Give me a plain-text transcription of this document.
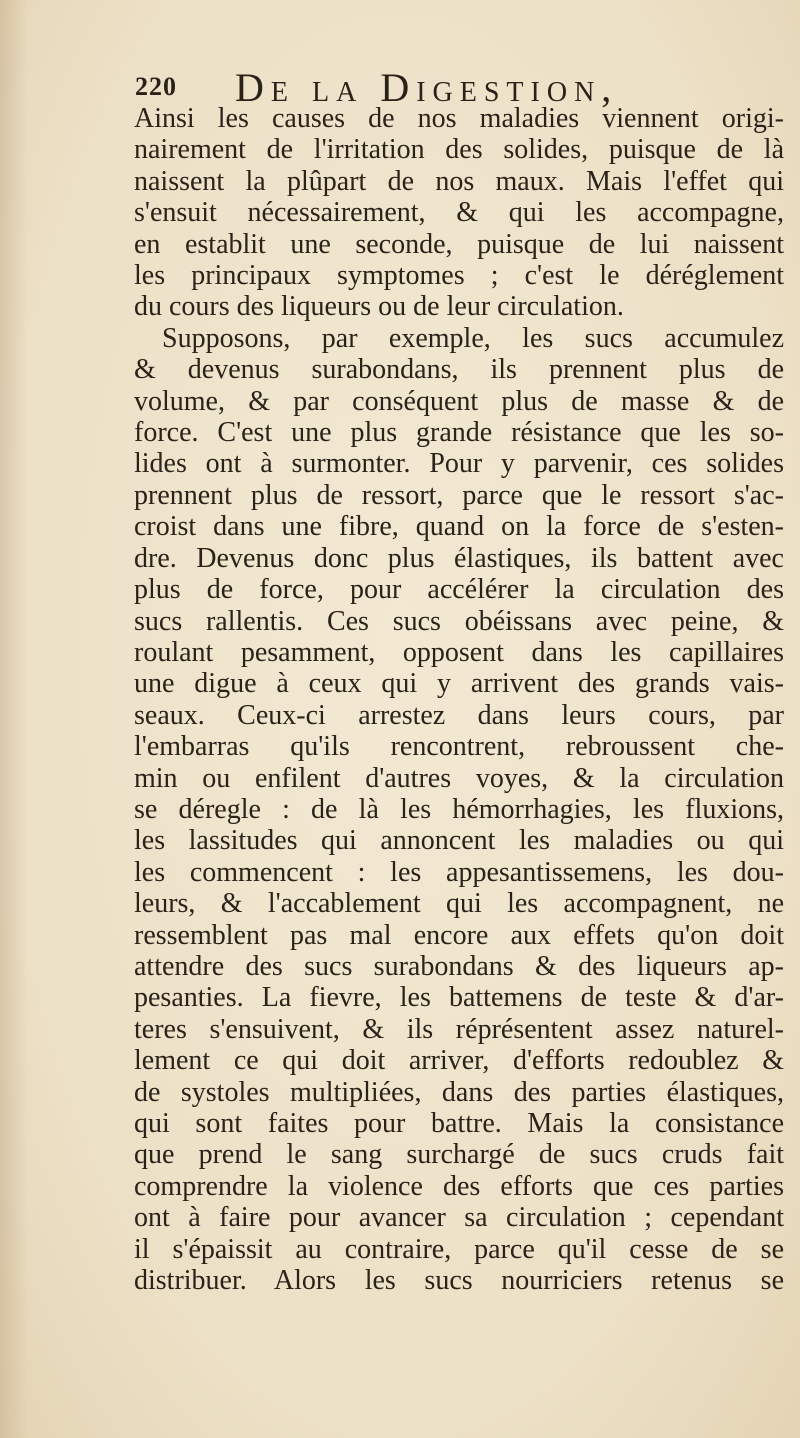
220 De la Digestion,

Ainsi les causes de nos maladies viennent origi-
nairement de l'irritation des solides, puisque de là
naissent la plûpart de nos maux. Mais l'effet qui
s'ensuit nécessairement, & qui les accompagne,
en establit une seconde, puisque de lui naissent
les principaux symptomes ; c'est le déréglement
du cours des liqueurs ou de leur circulation.

Supposons, par exemple, les sucs accumulez
& devenus surabondans, ils prennent plus de
volume, & par conséquent plus de masse & de
force. C'est une plus grande résistance que les so-
lides ont à surmonter. Pour y parvenir, ces solides
prennent plus de ressort, parce que le ressort s'ac-
croist dans une fibre, quand on la force de s'esten-
dre. Devenus donc plus élastiques, ils battent avec
plus de force, pour accélérer la circulation des
sucs rallentis. Ces sucs obéissans avec peine, &
roulant pesamment, opposent dans les capillaires
une digue à ceux qui y arrivent des grands vais-
seaux. Ceux-ci arrestez dans leurs cours, par
l'embarras qu'ils rencontrent, rebroussent che-
min ou enfilent d'autres voyes, & la circulation
se déregle : de là les hémorrhagies, les fluxions,
les lassitudes qui annoncent les maladies ou qui
les commencent : les appesantissemens, les dou-
leurs, & l'accablement qui les accompagnent, ne
ressemblent pas mal encore aux effets qu'on doit
attendre des sucs surabondans & des liqueurs ap-
pesanties. La fievre, les battemens de teste & d'ar-
teres s'ensuivent, & ils réprésentent assez naturel-
lement ce qui doit arriver, d'efforts redoublez &
de systoles multipliées, dans des parties élastiques,
qui sont faites pour battre. Mais la consistance
que prend le sang surchargé de sucs cruds fait
comprendre la violence des efforts que ces parties
ont à faire pour avancer sa circulation ; cependant
il s'épaissit au contraire, parce qu'il cesse de se
distribuer. Alors les sucs nourriciers retenus se
